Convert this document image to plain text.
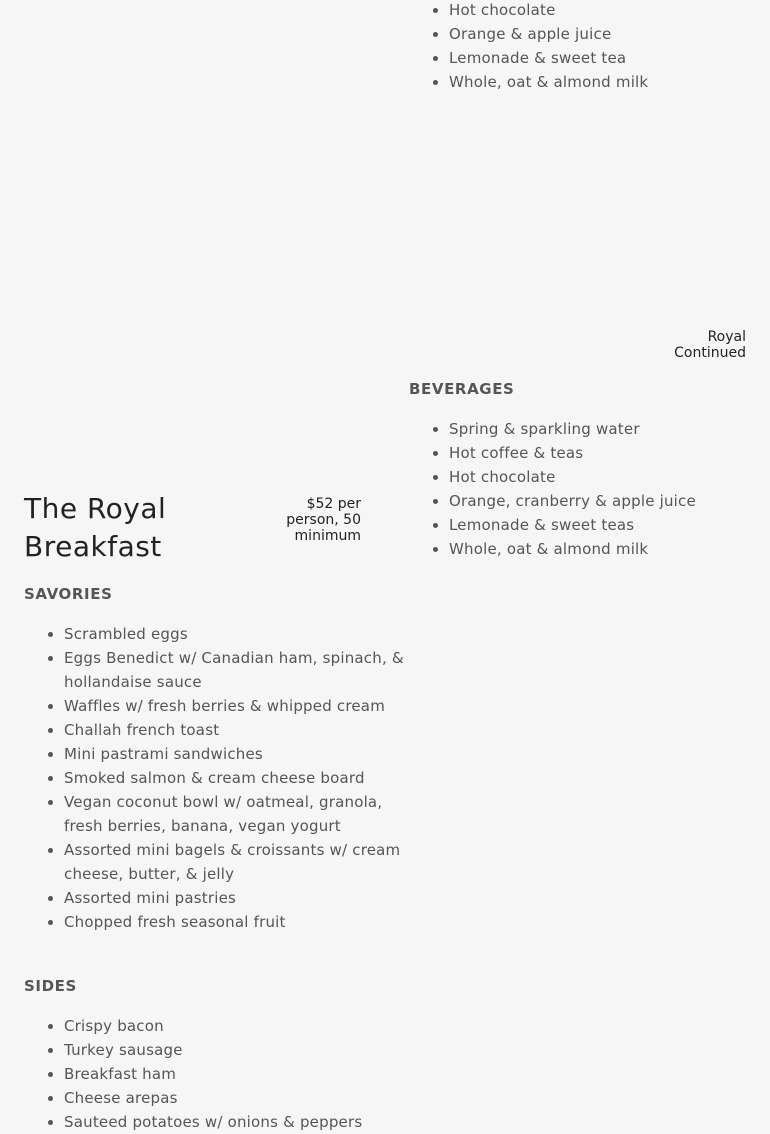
• Hot chocolate
• Orange & apple juice
• Lemonade & sweet tea
• Whole, oat & almond milk
Royal
Continued
BEVERAGES
• Spring & sparkling water
• Hot coffee & teas
• Hot chocolate
• Orange, cranberry & apple juice
• Lemonade & sweet teas
• Whole, oat & almond milk
The Royal
Breakfast
$52 per
person, 50
minimum
SAVORIES
• Scrambled eggs
• Eggs Benedict w/ Canadian ham, spinach, & hollandaise sauce
• Waffles w/ fresh berries & whipped cream
• Challah french toast
• Mini pastrami sandwiches
• Smoked salmon & cream cheese board
• Vegan coconut bowl w/ oatmeal, granola, fresh berries, banana, vegan yogurt
• Assorted mini bagels & croissants w/ cream cheese, butter, & jelly
• Assorted mini pastries
• Chopped fresh seasonal fruit
SIDES
• Crispy bacon
• Turkey sausage
• Breakfast ham
• Cheese arepas
• Sauteed potatoes w/ onions & peppers
